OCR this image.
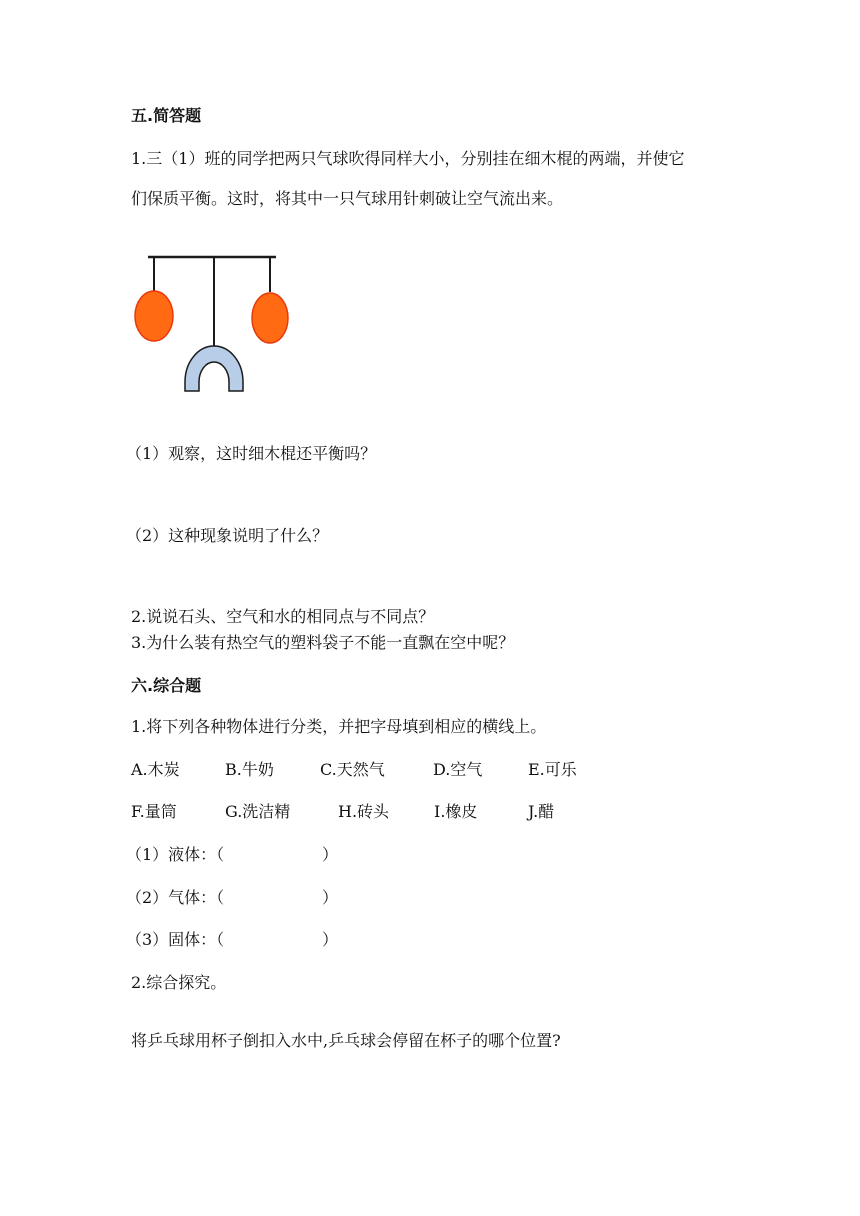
五.简答题
1.三（1）班的同学把两只气球吹得同样大小，分别挂在细木棍的两端，并使它
们保质平衡。这时，将其中一只气球用针刺破让空气流出来。
（1）观察，这时细木棍还平衡吗？
（2）这种现象说明了什么？
2.说说石头、空气和水的相同点与不同点？
3.为什么装有热空气的塑料袋子不能一直飘在空中呢？
六.综合题
1.将下列各种物体进行分类，并把字母填到相应的横线上。
A.木炭	B.牛奶	C.天然气	D.空气	E.可乐
F.量筒	G.洗洁精	H.砖头	I.橡皮	J.醋
（1）液体：（	）
（2）气体：（	）
（3）固体：（	）
2.综合探究。
将乒乓球用杯子倒扣入水中,乒乓球会停留在杯子的哪个位置?
